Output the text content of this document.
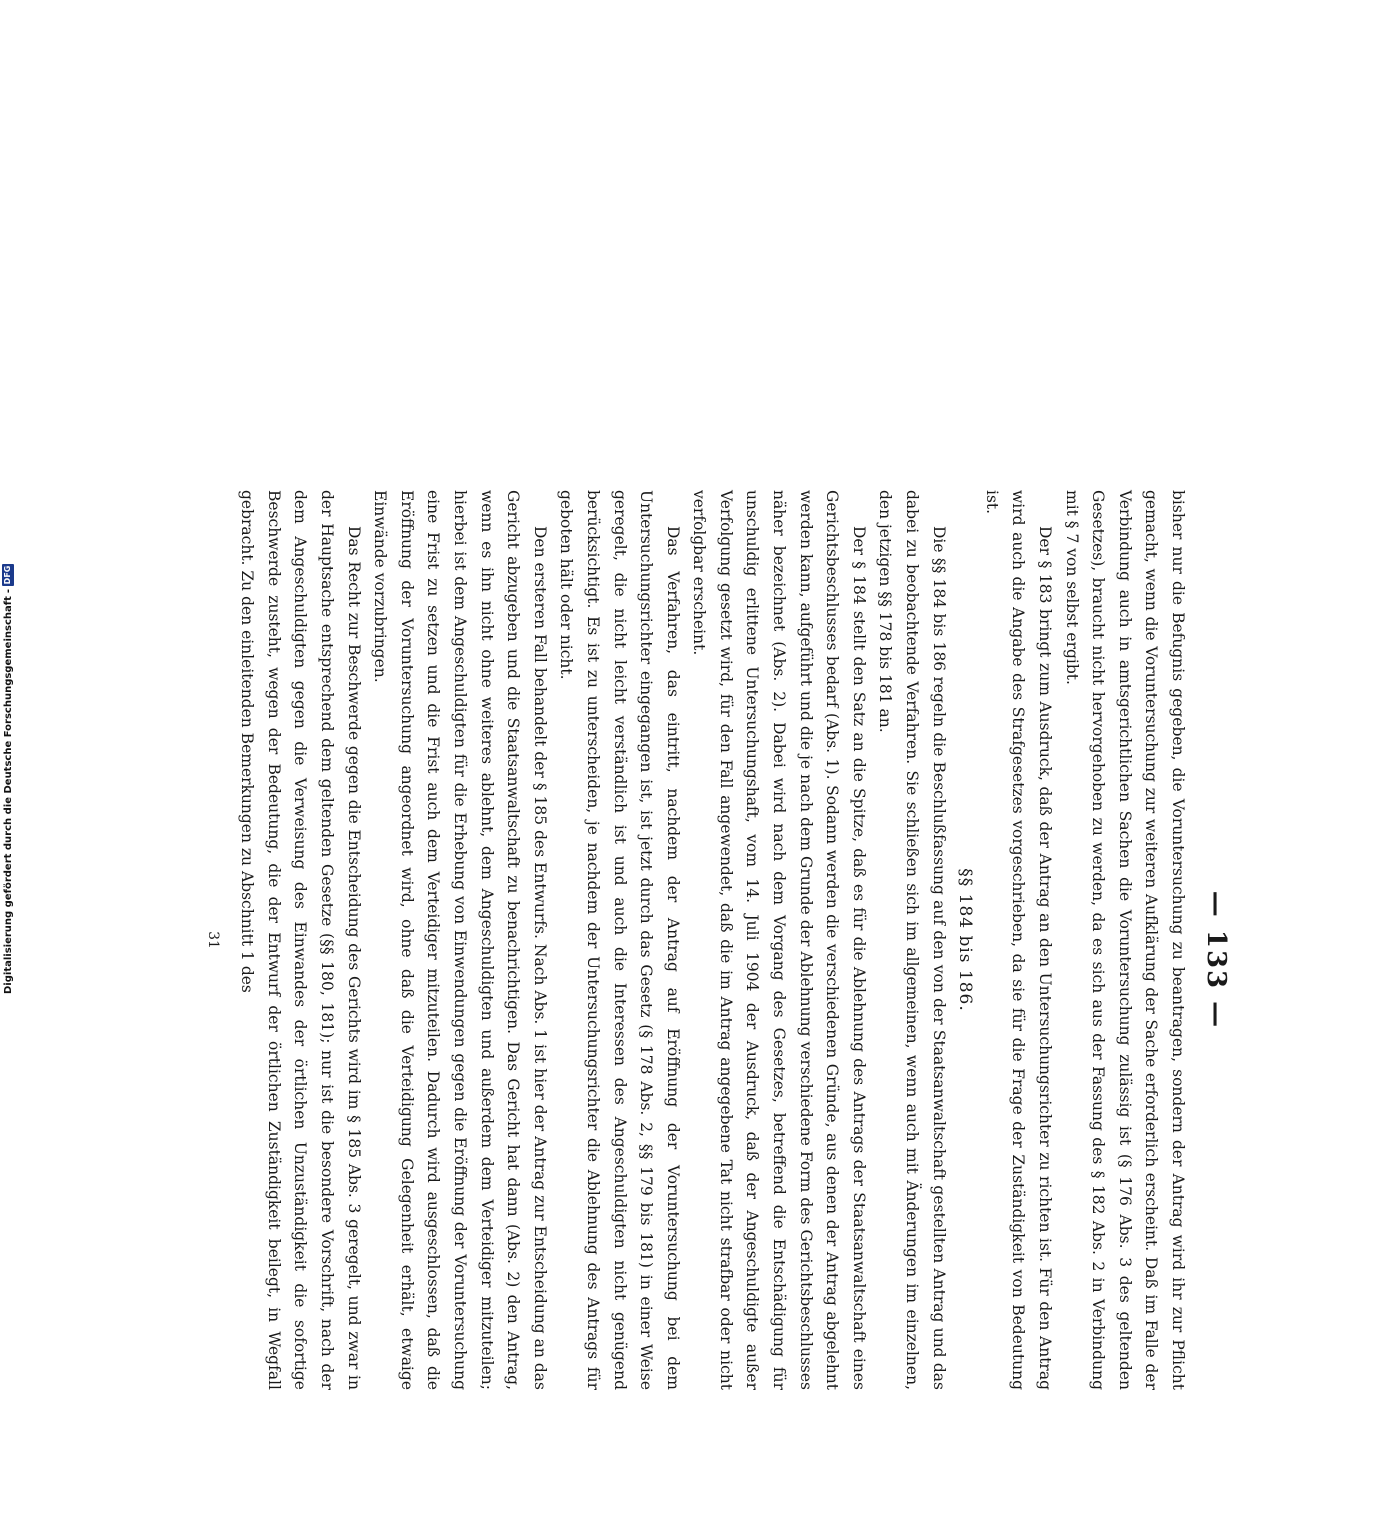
Digitalisierung gefördert durch die Deutsche Forschungsgemeinschaft
-
DFG
— 133 —

bisher nur die Befugnis gegeben, die Voruntersuchung zu beantragen, sondern der Antrag wird ihr zur Pflicht gemacht, wenn die Voruntersuchung zur weiteren Aufklärung der Sache erforderlich erscheint. Daß im Falle der Verbindung auch in amtsgerichtlichen Sachen die Voruntersuchung zulässig ist (§ 176 Abs. 3 des geltenden Gesetzes), braucht nicht hervorgehoben zu werden, da es sich aus der Fassung des § 182 Abs. 2 in Verbindung mit § 7 von selbst ergibt.

Der § 183 bringt zum Ausdruck, daß der Antrag an den Untersuchungsrichter zu richten ist. Für den Antrag wird auch die Angabe des Strafgesetzes vorgeschrieben, da sie für die Frage der Zuständigkeit von Bedeutung ist.

§§ 184 bis 186.

Die §§ 184 bis 186 regeln die Beschlußfassung auf den von der Staatsanwaltschaft gestellten Antrag und das dabei zu beobachtende Verfahren. Sie schließen sich im allgemeinen, wenn auch mit Änderungen im einzelnen, den jetzigen §§ 178 bis 181 an.

Der § 184 stellt den Satz an die Spitze, daß es für die Ablehnung des Antrags der Staatsanwaltschaft eines Gerichtsbeschlusses bedarf (Abs. 1). Sodann werden die verschiedenen Gründe, aus denen der Antrag abgelehnt werden kann, aufgeführt und die je nach dem Grunde der Ablehnung verschiedene Form des Gerichtsbeschlusses näher bezeichnet (Abs. 2). Dabei wird nach dem Vorgang des Gesetzes, betreffend die Entschädigung für unschuldig erlittene Untersuchungshaft, vom 14. Juli 1904 der Ausdruck, daß der Angeschuldigte außer Verfolgung gesetzt wird, für den Fall angewendet, daß die im Antrag angegebene Tat nicht strafbar oder nicht verfolgbar erscheint.

Das Verfahren, das eintritt, nachdem der Antrag auf Eröffnung der Voruntersuchung bei dem Untersuchungsrichter eingegangen ist, ist jetzt durch das Gesetz (§ 178 Abs. 2, §§ 179 bis 181) in einer Weise geregelt, die nicht leicht verständlich ist und auch die Interessen des Angeschuldigten nicht genügend berücksichtigt. Es ist zu unterscheiden, je nachdem der Untersuchungsrichter die Ablehnung des Antrags für geboten hält oder nicht.

Den ersteren Fall behandelt der § 185 des Entwurfs. Nach Abs. 1 ist hier der Antrag zur Entscheidung an das Gericht abzugeben und die Staatsanwaltschaft zu benachrichtigen. Das Gericht hat dann (Abs. 2) den Antrag, wenn es ihn nicht ohne weiteres ablehnt, dem Angeschuldigten und außerdem dem Verteidiger mitzuteilen; hierbei ist dem Angeschuldigten für die Erhebung von Einwendungen gegen die Eröffnung der Voruntersuchung eine Frist zu setzen und die Frist auch dem Verteidiger mitzuteilen. Dadurch wird ausgeschlossen, daß die Eröffnung der Voruntersuchung angeordnet wird, ohne daß die Verteidigung Gelegenheit erhält, etwaige Einwände vorzubringen.

Das Recht zur Beschwerde gegen die Entscheidung des Gerichts wird im § 185 Abs. 3 geregelt, und zwar in der Hauptsache entsprechend dem geltenden Gesetze (§§ 180, 181); nur ist die besondere Vorschrift, nach der dem Angeschuldigten gegen die Verweisung des Einwandes der örtlichen Unzuständigkeit die sofortige Beschwerde zusteht, wegen der Bedeutung, die der Entwurf der örtlichen Zuständigkeit beilegt, in Wegfall gebracht. Zu den einleitenden Bemerkungen zu Abschnitt 1 des

31
